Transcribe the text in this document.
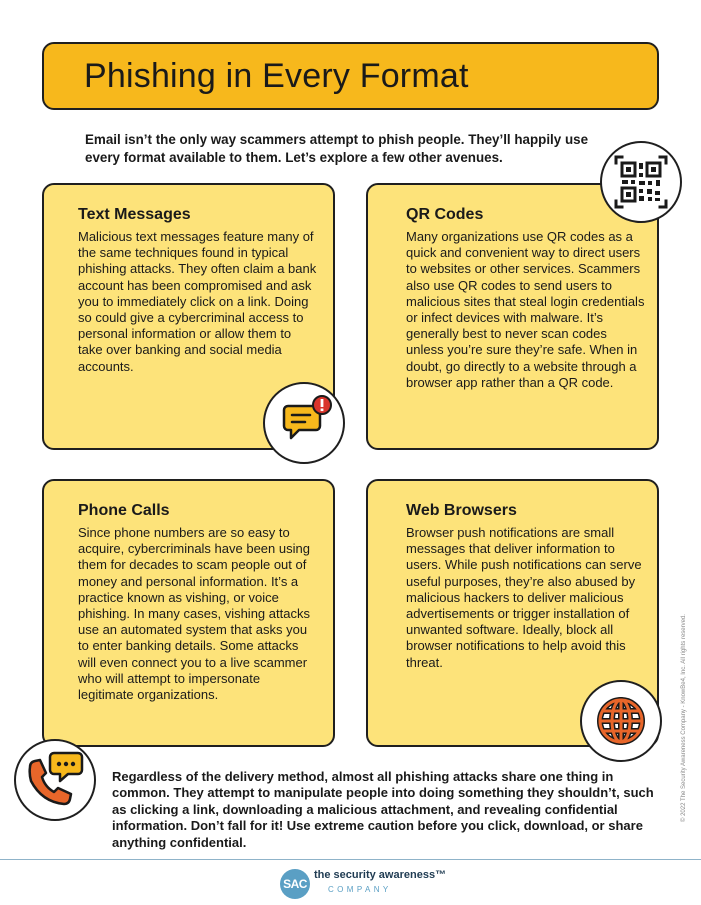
Phishing in Every Format
Email isn’t the only way scammers attempt to phish people. They’ll happily use every format available to them. Let’s explore a few other avenues.
Text Messages

Malicious text messages feature many of the same techniques found in typical phishing attacks. They often claim a bank account has been compromised and ask you to immediately click on a link. Doing so could give a cybercriminal access to personal information or allow them to take over banking and social media accounts.

QR Codes

Many organizations use QR codes as a quick and convenient way to direct users to websites or other services. Scammers also use QR codes to send users to malicious sites that steal login credentials or infect devices with malware. It’s generally best to never scan codes unless you’re sure they’re safe. When in doubt, go directly to a website through a browser app rather than a QR code.

Phone Calls

Since phone numbers are so easy to acquire, cybercriminals have been using them for decades to scam people out of money and personal information. It’s a practice known as vishing, or voice phishing. In many cases, vishing attacks use an automated system that asks you to enter banking details. Some attacks will even connect you to a live scammer who will attempt to impersonate legitimate organizations.

Web Browsers

Browser push notifications are small messages that deliver information to users. While push notifications can serve useful purposes, they’re also abused by malicious hackers to deliver malicious advertisements or trigger installation of unwanted software. Ideally, block all browser notifications to help avoid this threat.

Regardless of the delivery method, almost all phishing attacks share one thing in common. They attempt to manipulate people into doing something they shouldn’t, such as clicking a link, downloading a malicious attachment, and revealing confidential information. Don’t fall for it! Use extreme caution before you click, download, or share anything confidential.
© 2022 The Security Awareness Company - KnowBe4, Inc. All rights reserved.
SAC
the security awareness™
COMPANY
